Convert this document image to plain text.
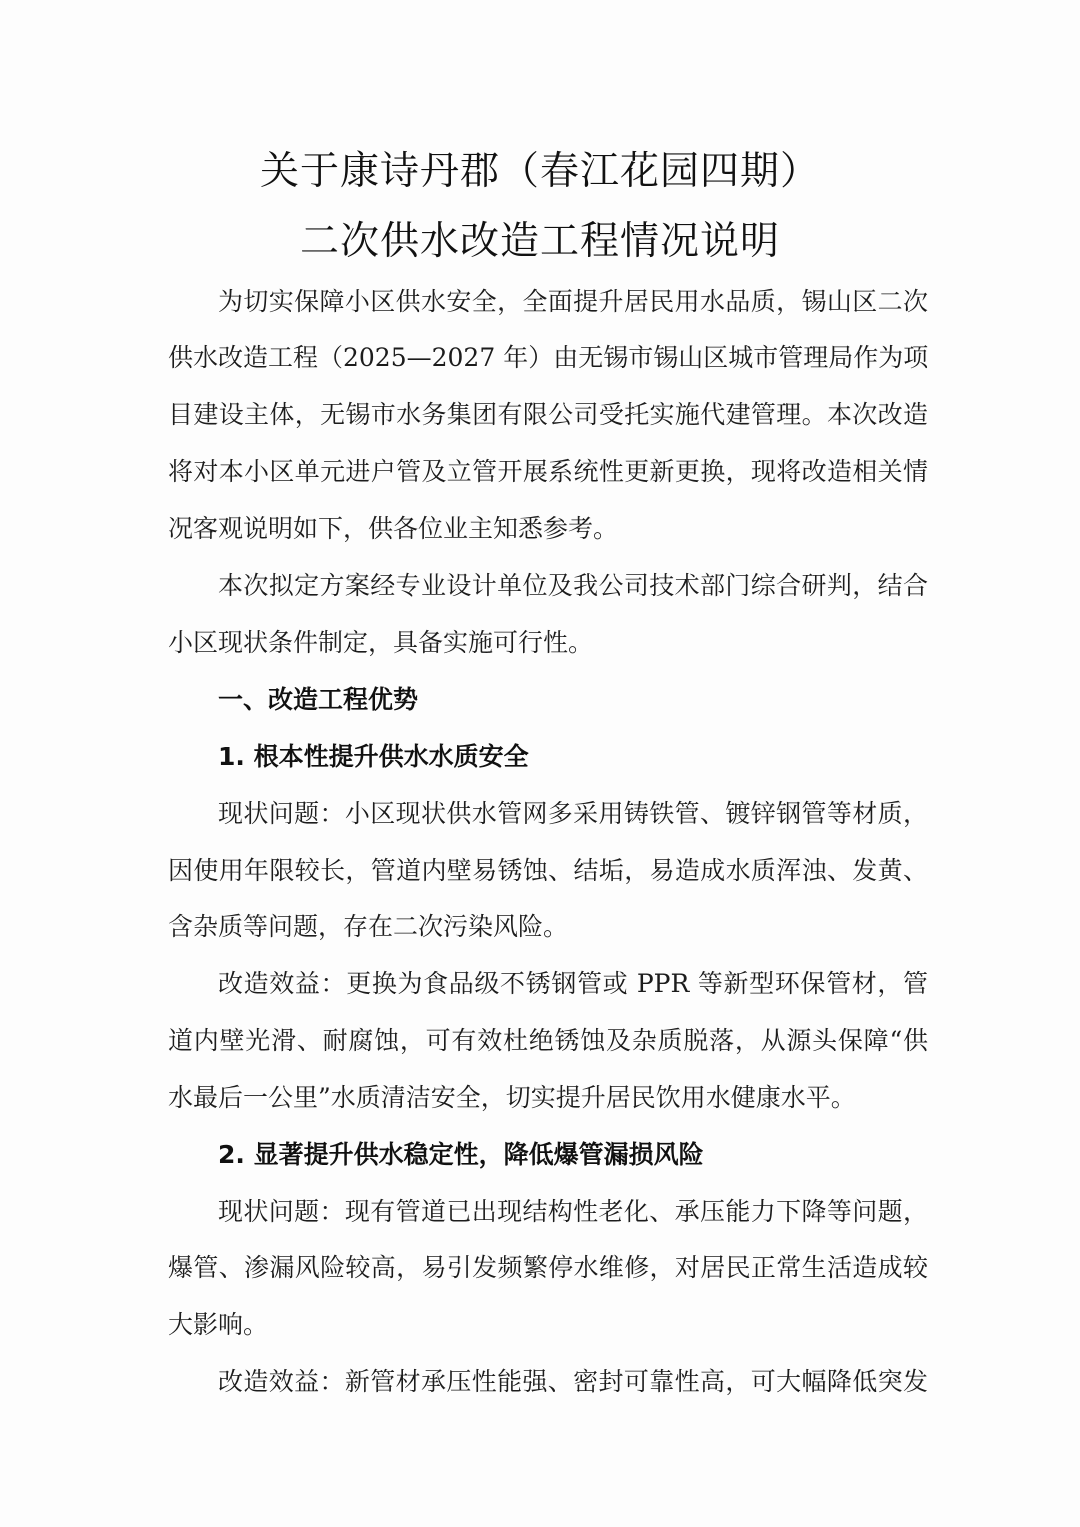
关于康诗丹郡（春江花园四期）
二次供水改造工程情况说明
为切实保障小区供水安全，全面提升居民用水品质，锡山区二次
供水改造工程（2025—2027 年）由无锡市锡山区城市管理局作为项
目建设主体，无锡市水务集团有限公司受托实施代建管理。本次改造
将对本小区单元进户管及立管开展系统性更新更换，现将改造相关情
况客观说明如下，供各位业主知悉参考。
本次拟定方案经专业设计单位及我公司技术部门综合研判，结合
小区现状条件制定，具备实施可行性。
一、改造工程优势
1. 根本性提升供水水质安全
现状问题：小区现状供水管网多采用铸铁管、镀锌钢管等材质，
因使用年限较长，管道内壁易锈蚀、结垢，易造成水质浑浊、发黄、
含杂质等问题，存在二次污染风险。
改造效益：更换为食品级不锈钢管或 PPR 等新型环保管材，管
道内壁光滑、耐腐蚀，可有效杜绝锈蚀及杂质脱落，从源头保障“供
水最后一公里”水质清洁安全，切实提升居民饮用水健康水平。
2. 显著提升供水稳定性，降低爆管漏损风险
现状问题：现有管道已出现结构性老化、承压能力下降等问题，
爆管、渗漏风险较高，易引发频繁停水维修，对居民正常生活造成较
大影响。
改造效益：新管材承压性能强、密封可靠性高，可大幅降低突发
